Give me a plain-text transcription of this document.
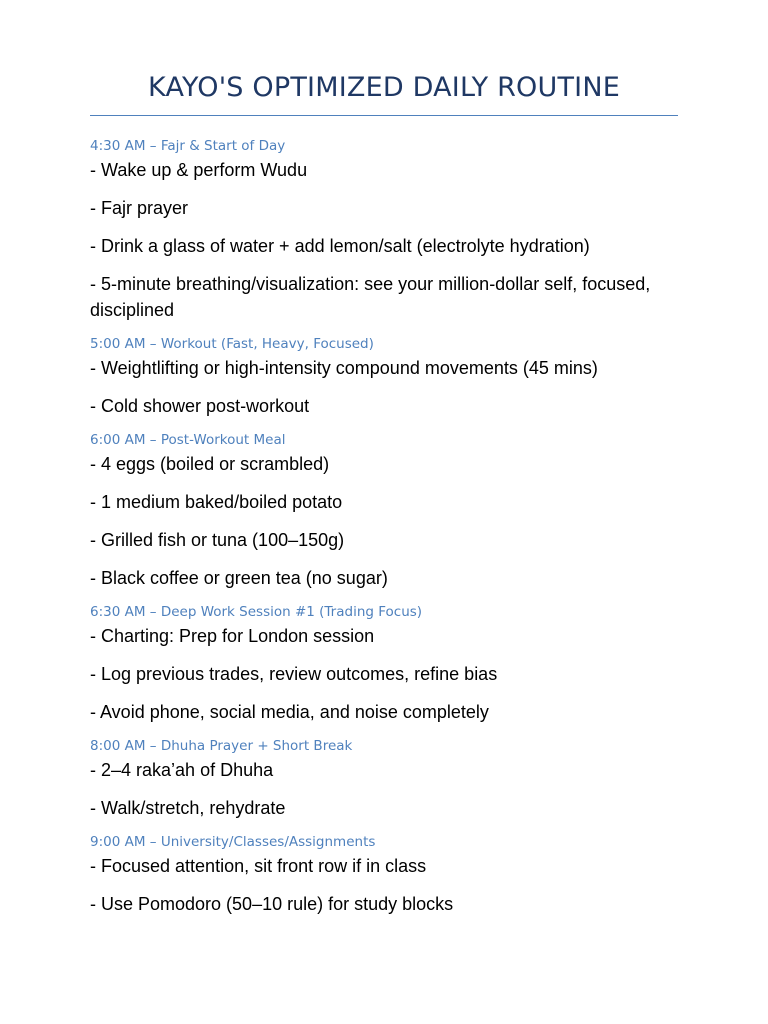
KAYO'S OPTIMIZED DAILY ROUTINE
4:30 AM – Fajr & Start of Day
- Wake up & perform Wudu
- Fajr prayer
- Drink a glass of water + add lemon/salt (electrolyte hydration)
- 5-minute breathing/visualization: see your million-dollar self, focused, disciplined
5:00 AM – Workout (Fast, Heavy, Focused)
- Weightlifting or high-intensity compound movements (45 mins)
- Cold shower post-workout
6:00 AM – Post-Workout Meal
- 4 eggs (boiled or scrambled)
- 1 medium baked/boiled potato
- Grilled fish or tuna (100–150g)
- Black coffee or green tea (no sugar)
6:30 AM – Deep Work Session #1 (Trading Focus)
- Charting: Prep for London session
- Log previous trades, review outcomes, refine bias
- Avoid phone, social media, and noise completely
8:00 AM – Dhuha Prayer + Short Break
- 2–4 raka’ah of Dhuha
- Walk/stretch, rehydrate
9:00 AM – University/Classes/Assignments
- Focused attention, sit front row if in class
- Use Pomodoro (50–10 rule) for study blocks
